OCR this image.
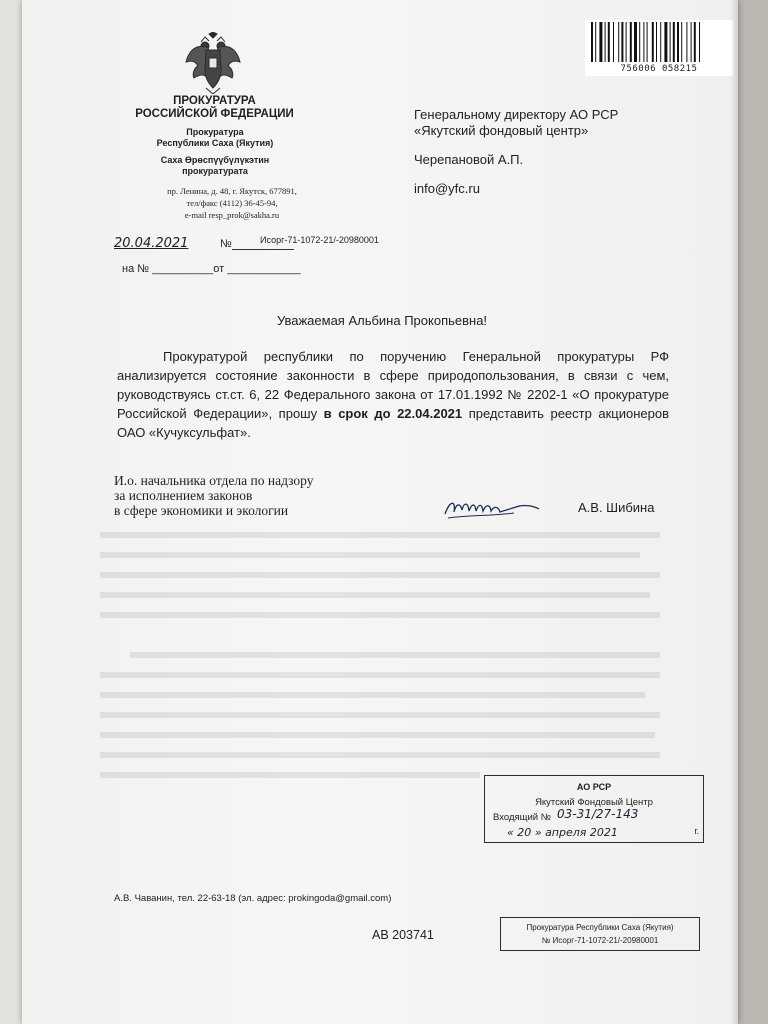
ПРОКУРАТУРА
РОССИЙСКОЙ ФЕДЕРАЦИИ
Прокуратура
Республики Саха (Якутия)
Саха Өрөспүүбүлүкэтин
прокуратурата
пр. Ленина, д. 48, г. Якутск, 677891,
тел/факс (4112) 36-45-94,
e-mail resp_prok@sakha.ru
20.04.2021	№	Исорг-71-1072-21/-20980001
на № __________от ____________
Генеральному директору АО РСР
«Якутский фондовый центр»
Черепановой А.П.
info@yfc.ru
756006 058215
Уважаемая Альбина Прокопьевна!
Прокуратурой республики по поручению Генеральной прокуратуры РФ анализируется состояние законности в сфере природопользования, в связи с чем, руководствуясь ст.ст. 6, 22 Федерального закона от 17.01.1992 № 2202-1 «О прокуратуре Российской Федерации», прошу в срок до 22.04.2021 представить реестр акционеров ОАО «Кучуксульфат».
И.о. начальника отдела по надзору
за исполнением законов
в сфере экономики и экологии	А.В. Шибина
АО РСР
Якутский Фондовый Центр
Входящий № 03-31/27-143
« 20 » апреля 2021	г.
А.В. Чаванин, тел. 22-63-18 (эл. адрес: prokingoda@gmail.com)
АВ 203741
Прокуратура Республики Саха (Якутия)
№ Исорг-71-1072-21/-20980001
